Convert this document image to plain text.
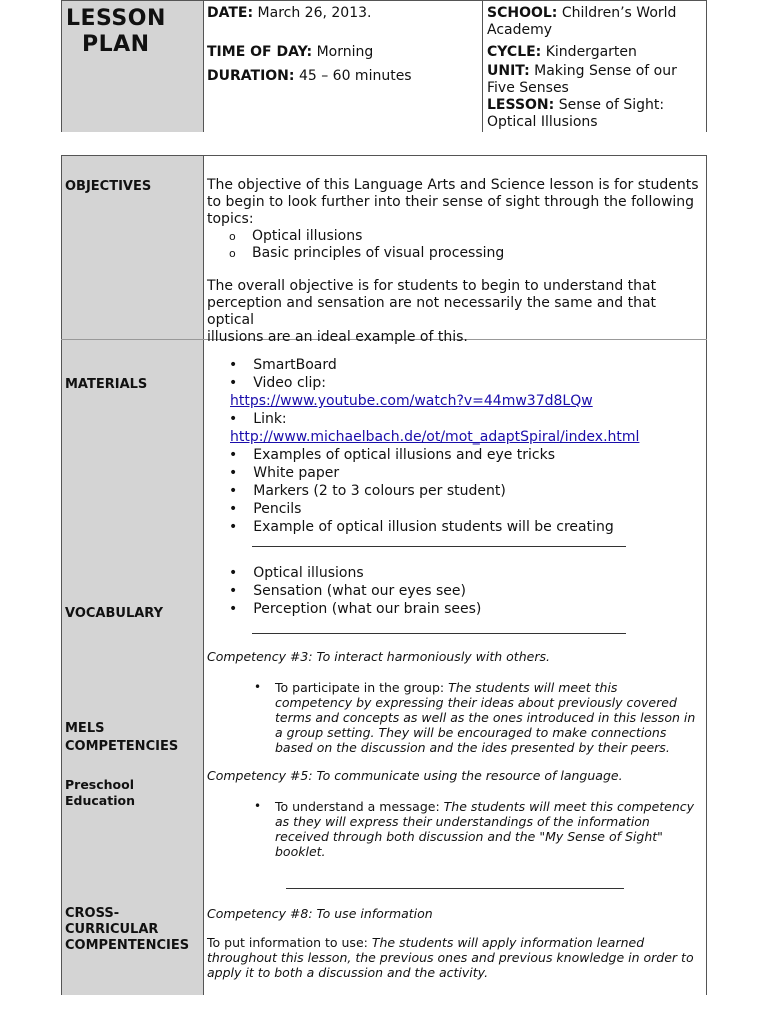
LESSON
PLAN
DATE: March 26, 2013.
TIME OF DAY: Morning
DURATION: 45 – 60 minutes
SCHOOL: Children’s World
Academy
CYCLE: Kindergarten
UNIT: Making Sense of our
Five Senses
LESSON: Sense of Sight:
Optical Illusions
OBJECTIVES	The objective of this Language Arts and Science lesson is for students
to begin to look further into their sense of sight through the following
topics:
o Optical illusions
o Basic principles of visual processing
The overall objective is for students to begin to understand that
perception and sensation are not necessarily the same and that optical
illusions are an ideal example of this.
MATERIALS
• SmartBoard
• Video clip:
https://www.youtube.com/watch?v=44mw37d8LQw
• Link:
http://www.michaelbach.de/ot/mot_adaptSpiral/index.html
• Examples of optical illusions and eye tricks
• White paper
• Markers (2 to 3 colours per student)
• Pencils
• Example of optical illusion students will be creating
VOCABULARY
• Optical illusions
• Sensation (what our eyes see)
• Perception (what our brain sees)
MELS
COMPETENCIES
Preschool
Education
Competency #3: To interact harmoniously with others.
• To participate in the group: The students will meet this
competency by expressing their ideas about previously covered
terms and concepts as well as the ones introduced in this lesson in
a group setting. They will be encouraged to make connections
based on the discussion and the ides presented by their peers.
Competency #5: To communicate using the resource of language.
• To understand a message: The students will meet this competency
as they will express their understandings of the information
received through both discussion and the "My Sense of Sight"
booklet.
CROSS-
CURRICULAR
COMPENTENCIES
Competency #8: To use information
To put information to use: The students will apply information learned
throughout this lesson, the previous ones and previous knowledge in order to
apply it to both a discussion and the activity.
